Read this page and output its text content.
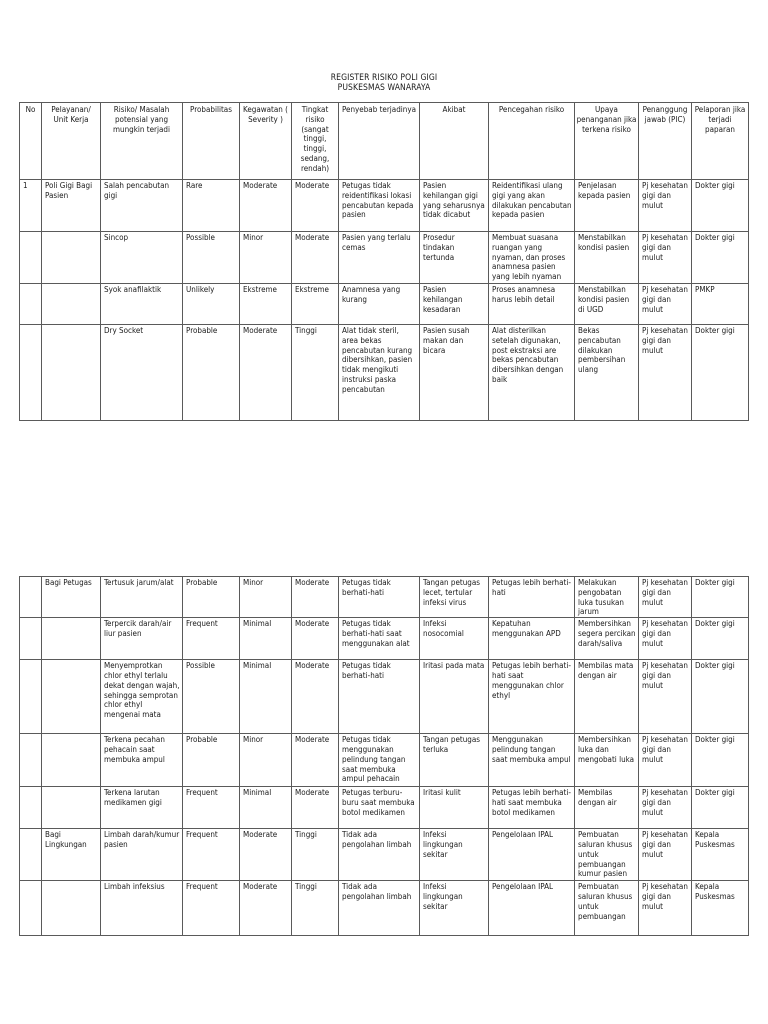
REGISTER RISIKO POLI GIGI
PUSKESMAS WANARAYA
No	Pelayanan/ Unit Kerja	Risiko/ Masalah potensial yang mungkin terjadi	Probabilitas	Kegawatan ( Severity )	Tingkat risiko (sangat tinggi, tinggi, sedang, rendah)	Penyebab terjadinya	Akibat	Pencegahan risiko	Upaya penanganan jika terkena risiko	Penanggung jawab (PIC)	Pelaporan jika terjadi paparan
1	Poli Gigi Bagi Pasien	Salah pencabutan gigi	Rare	Moderate	Moderate	Petugas tidak reidentifikasi lokasi pencabutan kepada pasien	Pasien kehilangan gigi yang seharusnya tidak dicabut	Reidentifikasi ulang gigi yang akan dilakukan pencabutan kepada pasien	Penjelasan kepada pasien	Pj kesehatan gigi dan mulut	Dokter gigi
		Sincop	Possible	Minor	Moderate	Pasien yang terlalu cemas	Prosedur tindakan tertunda	Membuat suasana ruangan yang nyaman, dan proses anamnesa pasien yang lebih nyaman	Menstabilkan kondisi pasien	Pj kesehatan gigi dan mulut	Dokter gigi
		Syok anafilaktik	Unlikely	Ekstreme	Ekstreme	Anamnesa yang kurang	Pasien kehilangan kesadaran	Proses anamnesa harus lebih detail	Menstabilkan kondisi pasien di UGD	Pj kesehatan gigi dan mulut	PMKP
		Dry Socket	Probable	Moderate	Tinggi	Alat tidak steril, area bekas pencabutan kurang dibersihkan, pasien tidak mengikuti instruksi paska pencabutan	Pasien susah makan dan bicara	Alat disterilkan setelah digunakan, post ekstraksi are bekas pencabutan dibersihkan dengan baik	Bekas pencabutan dilakukan pembersihan ulang	Pj kesehatan gigi dan mulut	Dokter gigi
	Bagi Petugas	Tertusuk jarum/alat	Probable	Minor	Moderate	Petugas tidak berhati-hati	Tangan petugas lecet, tertular infeksi virus	Petugas lebih berhati-hati	Melakukan pengobatan luka tusukan jarum	Pj kesehatan gigi dan mulut	Dokter gigi
		Terpercik darah/air liur pasien	Frequent	Minimal	Moderate	Petugas tidak berhati-hati saat menggunakan alat	Infeksi nosocomial	Kepatuhan menggunakan APD	Membersihkan segera percikan darah/saliva	Pj kesehatan gigi dan mulut	Dokter gigi
		Menyemprotkan chlor ethyl terlalu dekat dengan wajah, sehingga semprotan chlor ethyl mengenai mata	Possible	Minimal	Moderate	Petugas tidak berhati-hati	Iritasi pada mata	Petugas lebih berhati-hati saat menggunakan chlor ethyl	Membilas mata dengan air	Pj kesehatan gigi dan mulut	Dokter gigi
		Terkena pecahan pehacain saat membuka ampul	Probable	Minor	Moderate	Petugas tidak menggunakan pelindung tangan saat membuka ampul pehacain	Tangan petugas terluka	Menggunakan pelindung tangan saat membuka ampul	Membersihkan luka dan mengobati luka	Pj kesehatan gigi dan mulut	Dokter gigi
		Terkena larutan medikamen gigi	Frequent	Minimal	Moderate	Petugas terburu-buru saat membuka botol medikamen	Iritasi kulit	Petugas lebih berhati-hati saat membuka botol medikamen	Membilas dengan air	Pj kesehatan gigi dan mulut	Dokter gigi
	Bagi Lingkungan	Limbah darah/kumur pasien	Frequent	Moderate	Tinggi	Tidak ada pengolahan limbah	Infeksi lingkungan sekitar	Pengelolaan IPAL	Pembuatan saluran khusus untuk pembuangan kumur pasien	Pj kesehatan gigi dan mulut	Kepala Puskesmas
		Limbah infeksius	Frequent	Moderate	Tinggi	Tidak ada pengolahan limbah	Infeksi lingkungan sekitar	Pengelolaan IPAL	Pembuatan saluran khusus untuk pembuangan	Pj kesehatan gigi dan mulut	Kepala Puskesmas
